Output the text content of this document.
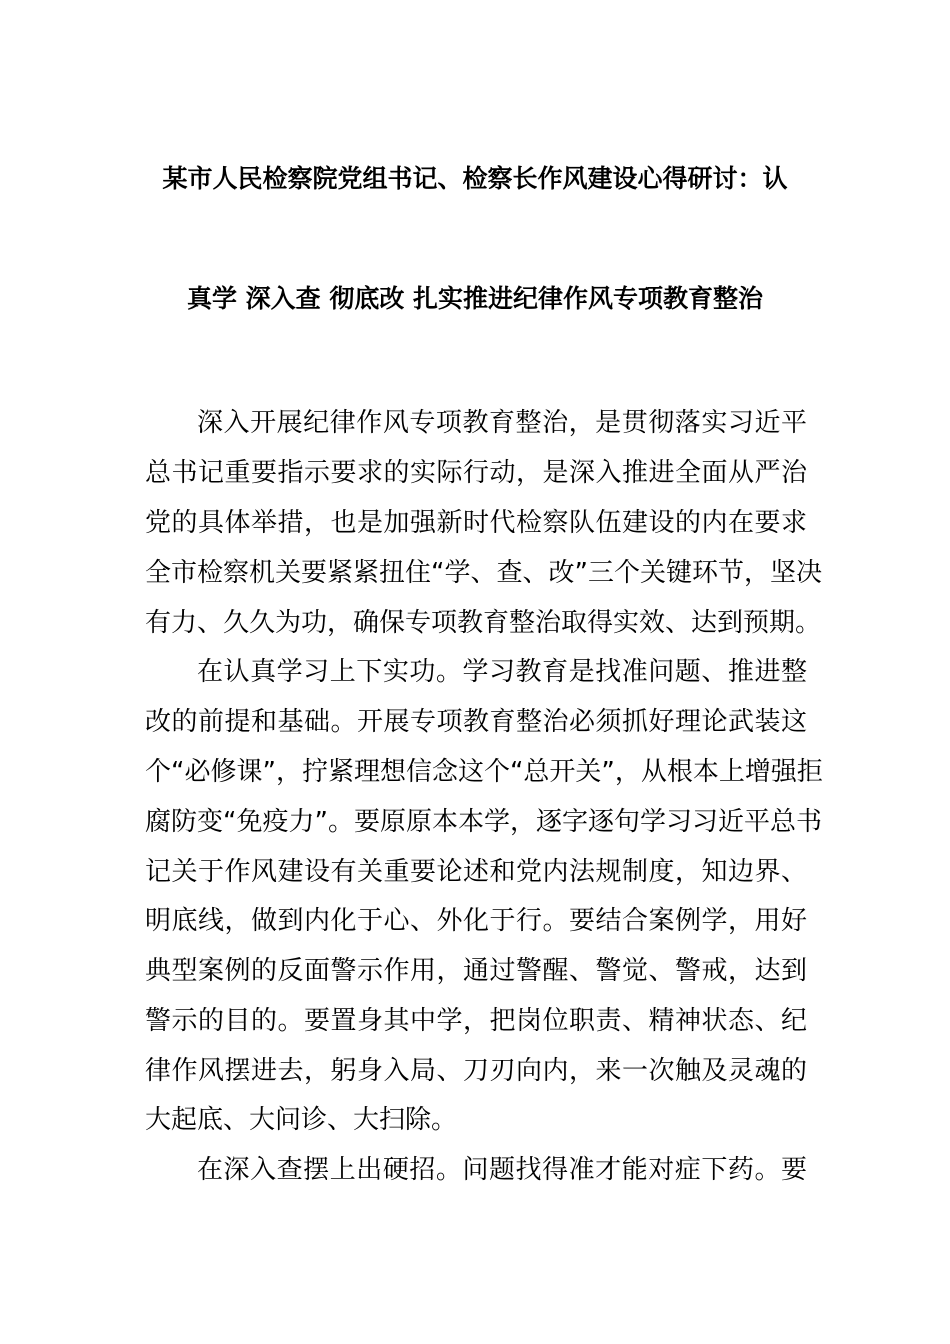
某市人民检察院党组书记、检察长作风建设心得研讨：认
真学 深入查 彻底改 扎实推进纪律作风专项教育整治
深入开展纪律作风专项教育整治，是贯彻落实习近平
总书记重要指示要求的实际行动，是深入推进全面从严治
党的具体举措，也是加强新时代检察队伍建设的内在要求
全市检察机关要紧紧扭住“学、查、改”三个关键环节，坚决
有力、久久为功，确保专项教育整治取得实效、达到预期。
在认真学习上下实功。学习教育是找准问题、推进整
改的前提和基础。开展专项教育整治必须抓好理论武装这
个“必修课”，拧紧理想信念这个“总开关”，从根本上增强拒
腐防变“免疫力”。要原原本本学，逐字逐句学习习近平总书
记关于作风建设有关重要论述和党内法规制度，知边界、
明底线，做到内化于心、外化于行。要结合案例学，用好
典型案例的反面警示作用，通过警醒、警觉、警戒，达到
警示的目的。要置身其中学，把岗位职责、精神状态、纪
律作风摆进去，躬身入局、刀刃向内，来一次触及灵魂的
大起底、大问诊、大扫除。
在深入查摆上出硬招。问题找得准才能对症下药。要
